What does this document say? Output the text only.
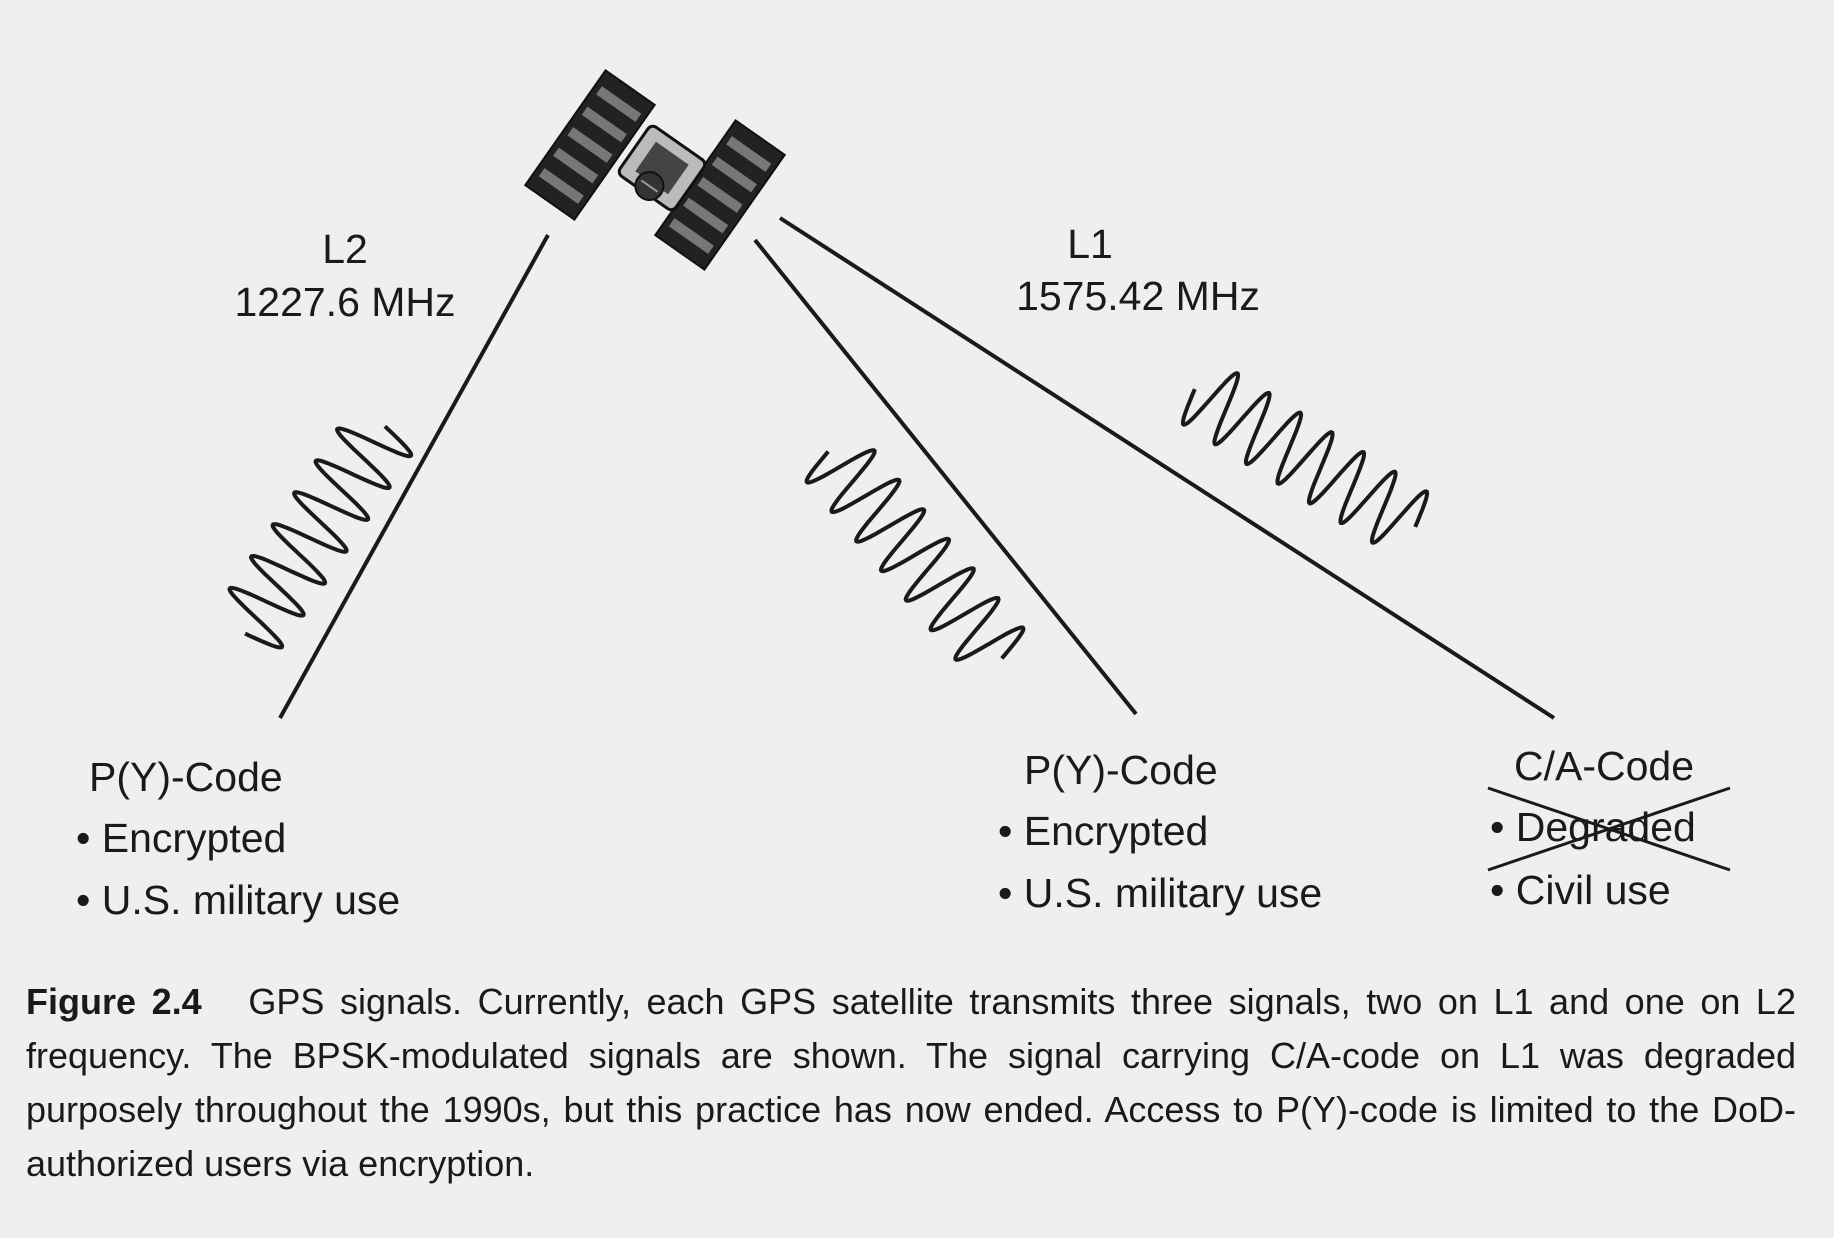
L2
1227.6 MHz
L1
1575.42 MHz
P(Y)-Code
• Encrypted
• U.S. military use
P(Y)-Code
• Encrypted
• U.S. military use
C/A-Code
• Degraded
• Civil use
Figure 2.4 GPS signals. Currently, each GPS satellite transmits three signals, two on L1 and one on L2 frequency. The BPSK-modulated signals are shown. The signal carrying C/A-code on L1 was degraded purposely throughout the 1990s, but this practice has now ended. Access to P(Y)-code is limited to the DoD-authorized users via encryption.
